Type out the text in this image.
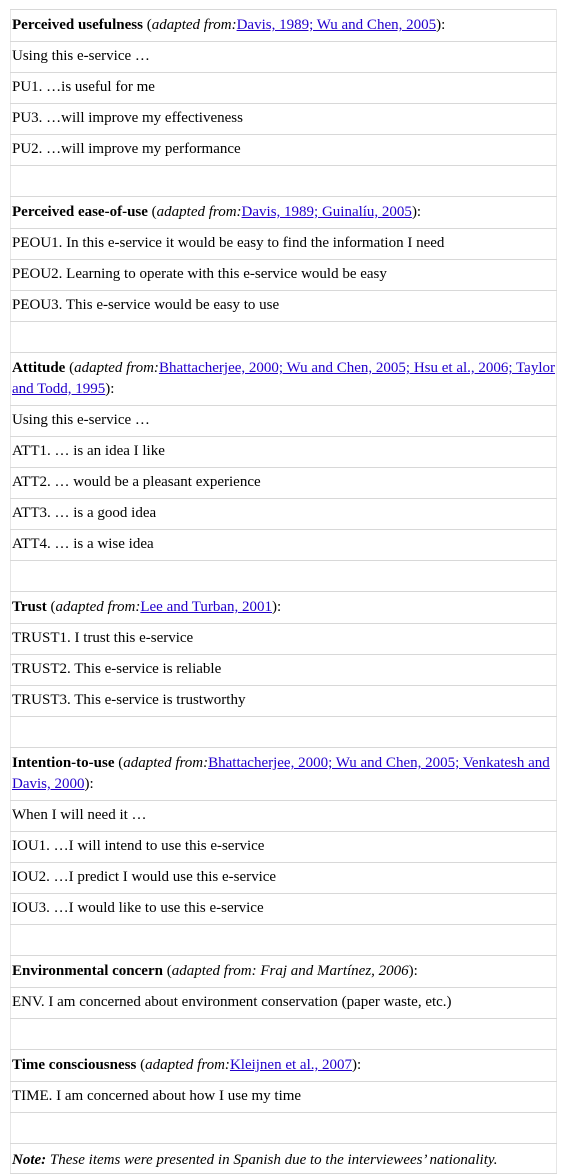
Perceived usefulness (adapted from:Davis, 1989; Wu and Chen, 2005):
Using this e-service …
PU1. …is useful for me
PU3. …will improve my effectiveness
PU2. …will improve my performance

Perceived ease-of-use (adapted from:Davis, 1989; Guinalíu, 2005):
PEOU1. In this e-service it would be easy to find the information I need
PEOU2. Learning to operate with this e-service would be easy
PEOU3. This e-service would be easy to use

Attitude (adapted from:Bhattacherjee, 2000; Wu and Chen, 2005; Hsu et al., 2006; Taylor and Todd, 1995):
Using this e-service …
ATT1. … is an idea I like
ATT2. … would be a pleasant experience
ATT3. … is a good idea
ATT4. … is a wise idea

Trust (adapted from:Lee and Turban, 2001):
TRUST1. I trust this e-service
TRUST2. This e-service is reliable
TRUST3. This e-service is trustworthy

Intention-to-use (adapted from:Bhattacherjee, 2000; Wu and Chen, 2005; Venkatesh and Davis, 2000):
When I will need it …
IOU1. …I will intend to use this e-service
IOU2. …I predict I would use this e-service
IOU3. …I would like to use this e-service

Environmental concern (adapted from: Fraj and Martínez, 2006):
ENV. I am concerned about environment conservation (paper waste, etc.)

Time consciousness (adapted from:Kleijnen et al., 2007):
TIME. I am concerned about how I use my time

Note: These items were presented in Spanish due to the interviewees’ nationality.
